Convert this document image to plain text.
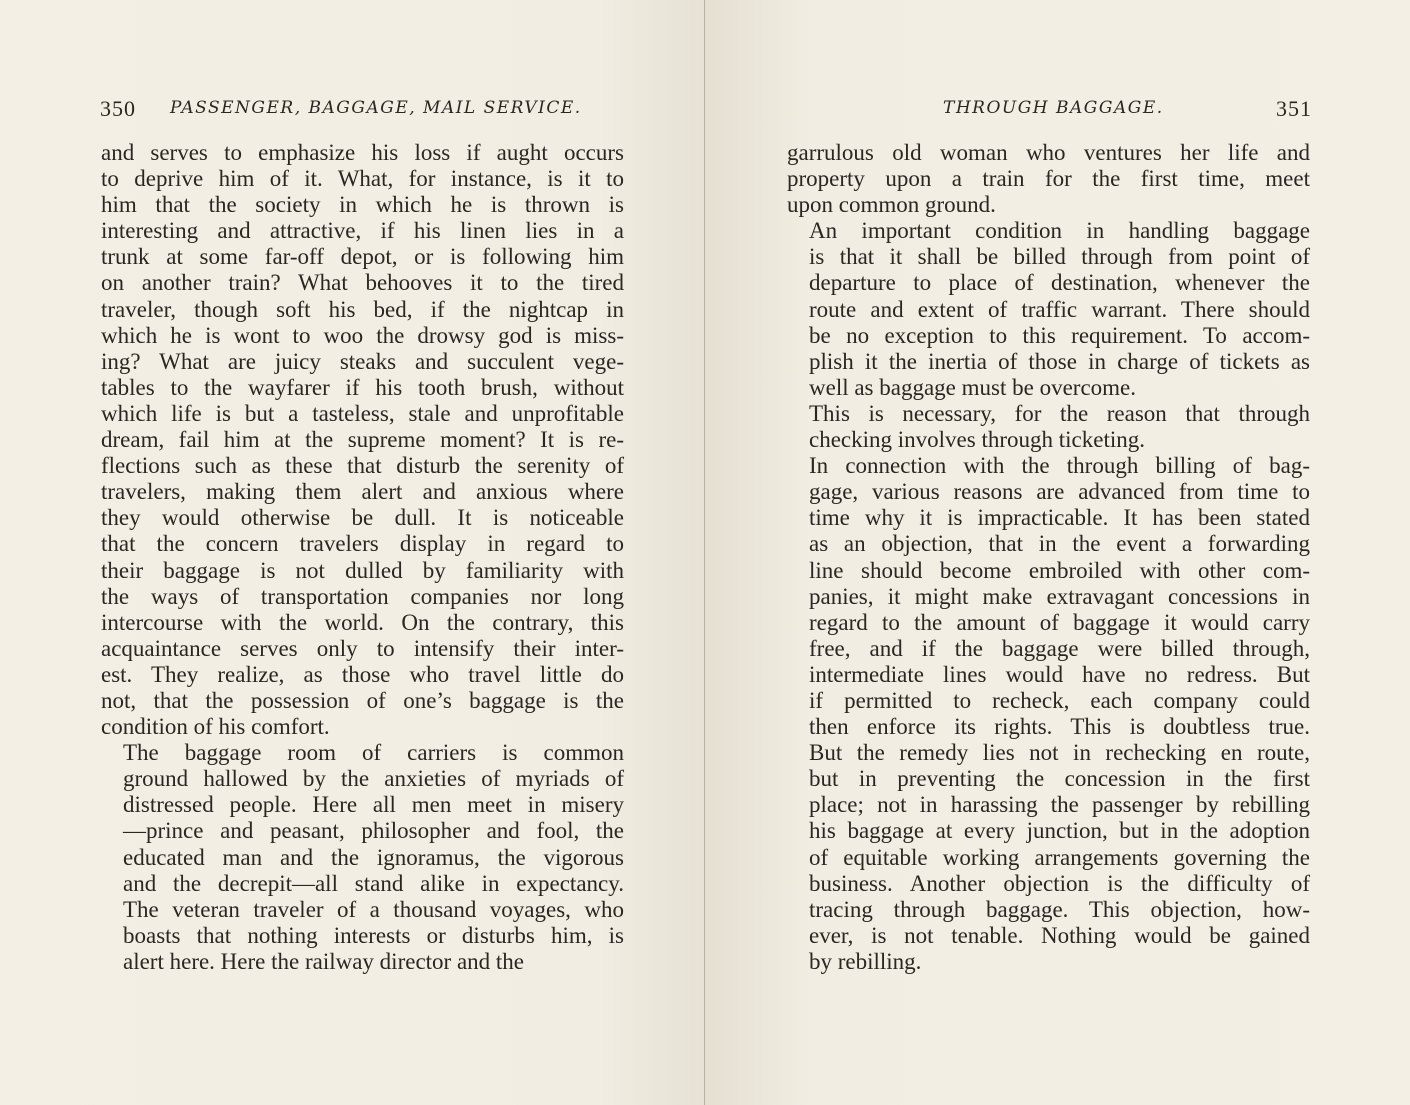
350 PASSENGER, BAGGAGE, MAIL SERVICE.

and serves to emphasize his loss if aught occurs
to deprive him of it. What, for instance, is it to
him that the society in which he is thrown is
interesting and attractive, if his linen lies in a
trunk at some far-off depot, or is following him
on another train? What behooves it to the tired
traveler, though soft his bed, if the nightcap in
which he is wont to woo the drowsy god is miss-
ing? What are juicy steaks and succulent vege-
tables to the wayfarer if his tooth brush, without
which life is but a tasteless, stale and unprofitable
dream, fail him at the supreme moment? It is re-
flections such as these that disturb the serenity of
travelers, making them alert and anxious where
they would otherwise be dull. It is noticeable
that the concern travelers display in regard to
their baggage is not dulled by familiarity with
the ways of transportation companies nor long
intercourse with the world. On the contrary, this
acquaintance serves only to intensify their inter-
est. They realize, as those who travel little do
not, that the possession of one’s baggage is the
condition of his comfort.

The baggage room of carriers is common
ground hallowed by the anxieties of myriads of
distressed people. Here all men meet in misery
—prince and peasant, philosopher and fool, the
educated man and the ignoramus, the vigorous
and the decrepit—all stand alike in expectancy.
The veteran traveler of a thousand voyages, who
boasts that nothing interests or disturbs him, is
alert here. Here the railway director and the

THROUGH BAGGAGE.	351

garrulous old woman who ventures her life and
property upon a train for the first time, meet
upon common ground.

An important condition in handling baggage
is that it shall be billed through from point of
departure to place of destination, whenever the
route and extent of traffic warrant. There should
be no exception to this requirement. To accom-
plish it the inertia of those in charge of tickets as
well as baggage must be overcome.

This is necessary, for the reason that through
checking involves through ticketing.

In connection with the through billing of bag-
gage, various reasons are advanced from time to
time why it is impracticable. It has been stated
as an objection, that in the event a forwarding
line should become embroiled with other com-
panies, it might make extravagant concessions in
regard to the amount of baggage it would carry
free, and if the baggage were billed through,
intermediate lines would have no redress. But
if permitted to recheck, each company could
then enforce its rights. This is doubtless true.
But the remedy lies not in rechecking en route,
but in preventing the concession in the first
place; not in harassing the passenger by rebilling
his baggage at every junction, but in the adoption
of equitable working arrangements governing the
business. Another objection is the difficulty of
tracing through baggage. This objection, how-
ever, is not tenable. Nothing would be gained
by rebilling.
